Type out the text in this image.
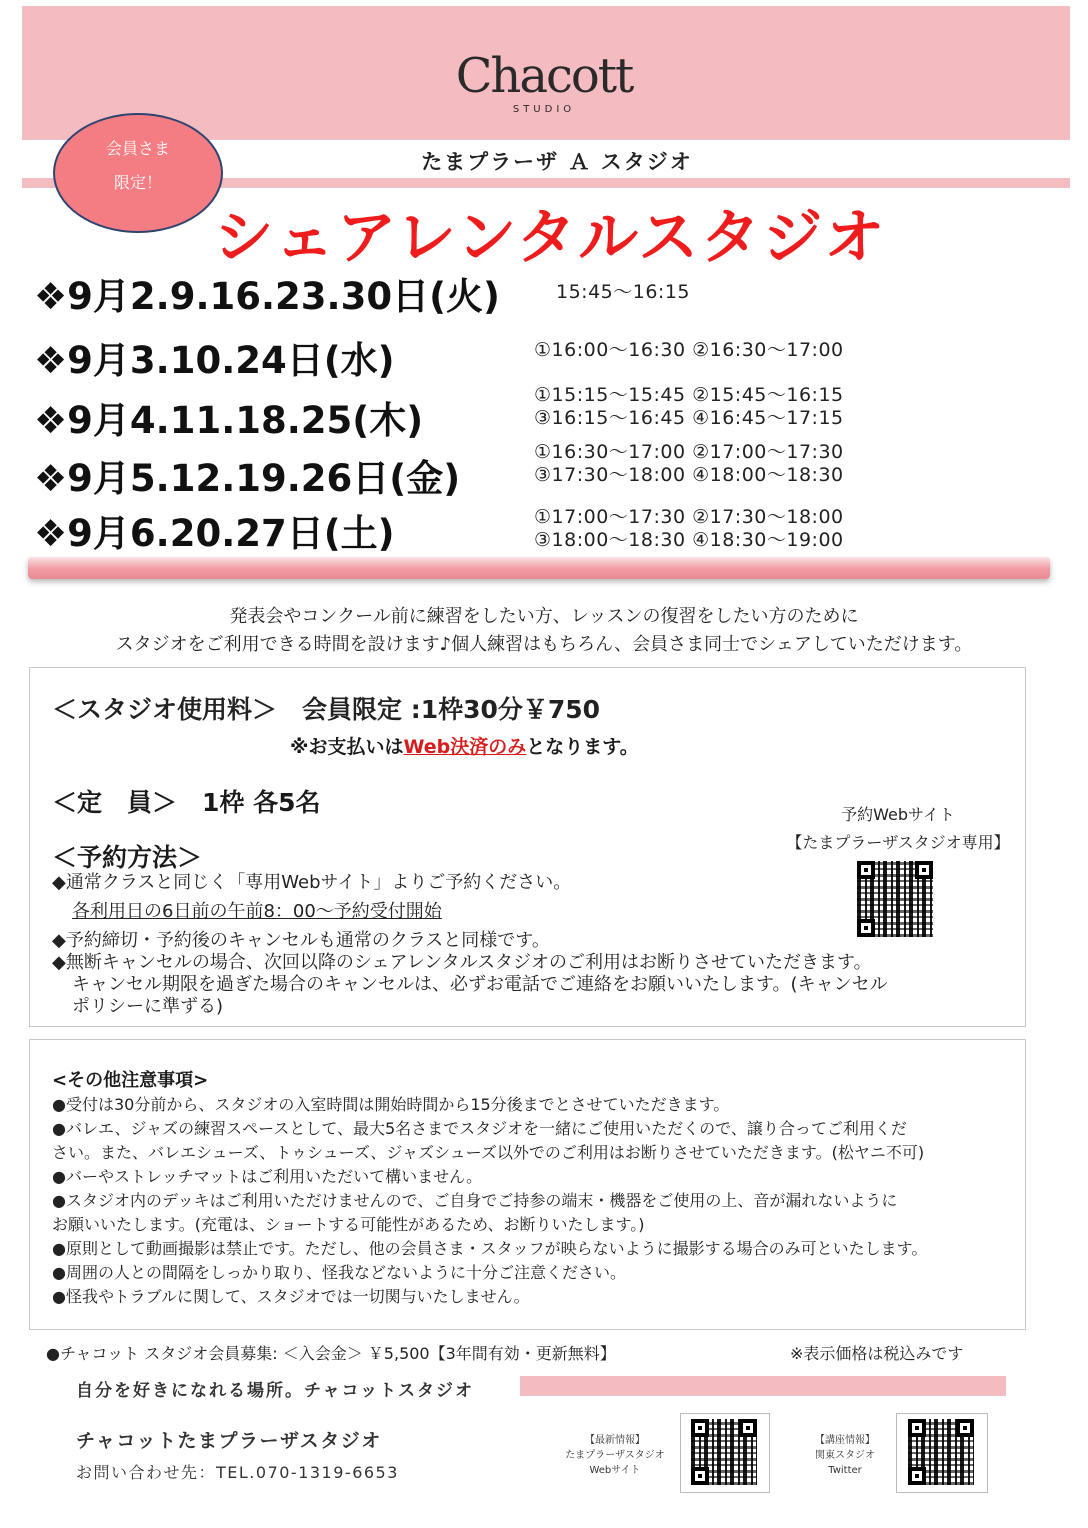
Chacott
STUDIO
たまプラーザ Ａ スタジオ
会員さま
限定！
シェアレンタルスタジオ
❖9月2.9.16.23.30日(火)	15:45～16:15
❖9月3.10.24日(水)	①16:00～16:30 ②16:30～17:00
❖9月4.11.18.25(木)
①15:15～15:45 ②15:45～16:15
③16:15～16:45 ④16:45～17:15
❖9月5.12.19.26日(金)
①16:30～17:00 ②17:00～17:30
③17:30～18:00 ④18:00～18:30
❖9月6.20.27日(土)	①17:00～17:30 ②17:30～18:00
③18:00～18:30 ④18:30～19:00
発表会やコンクール前に練習をしたい方、レッスンの復習をしたい方のために
スタジオをご利用できる時間を設けます♪個人練習はもちろん、会員さま同士でシェアしていただけます。
＜スタジオ使用料＞　会員限定 :1枠30分￥750
※お支払いはWeb決済のみとなります。
＜定　員＞　1枠 各5名
＜予約方法＞
◆通常クラスと同じく「専用Webサイト」よりご予約ください。
各利用日の6日前の午前8：00～予約受付開始
◆予約締切・予約後のキャンセルも通常のクラスと同様です。
◆無断キャンセルの場合、次回以降のシェアレンタルスタジオのご利用はお断りさせていただきます。
キャンセル期限を過ぎた場合のキャンセルは、必ずお電話でご連絡をお願いいたします。(キャンセル
ポリシーに準ずる)
予約Webサイト
【たまプラーザスタジオ専用】
<その他注意事項>
●受付は30分前から、スタジオの入室時間は開始時間から15分後までとさせていただきます。
●バレエ、ジャズの練習スペースとして、最大5名さまでスタジオを一緒にご使用いただくので、譲り合ってご利用くだ
さい。また、バレエシューズ、トゥシューズ、ジャズシューズ以外でのご利用はお断りさせていただきます。(松ヤニ不可)
●バーやストレッチマットはご利用いただいて構いません。
●スタジオ内のデッキはご利用いただけませんので、ご自身でご持参の端末・機器をご使用の上、音が漏れないように
お願いいたします。(充電は、ショートする可能性があるため、お断りいたします。)
●原則として動画撮影は禁止です。ただし、他の会員さま・スタッフが映らないように撮影する場合のみ可といたします。
●周囲の人との間隔をしっかり取り、怪我などないように十分ご注意ください。
●怪我やトラブルに関して、スタジオでは一切関与いたしません。
●チャコット スタジオ会員募集: ＜入会金＞ ￥5,500【3年間有効・更新無料】	※表示価格は税込みです
自分を好きになれる場所。チャコットスタジオ
チャコットたまプラーザスタジオ
お問い合わせ先：TEL.070-1319-6653
【最新情報】
たまプラーザスタジオ
Webサイト
【講座情報】
関東スタジオ
Twitter
